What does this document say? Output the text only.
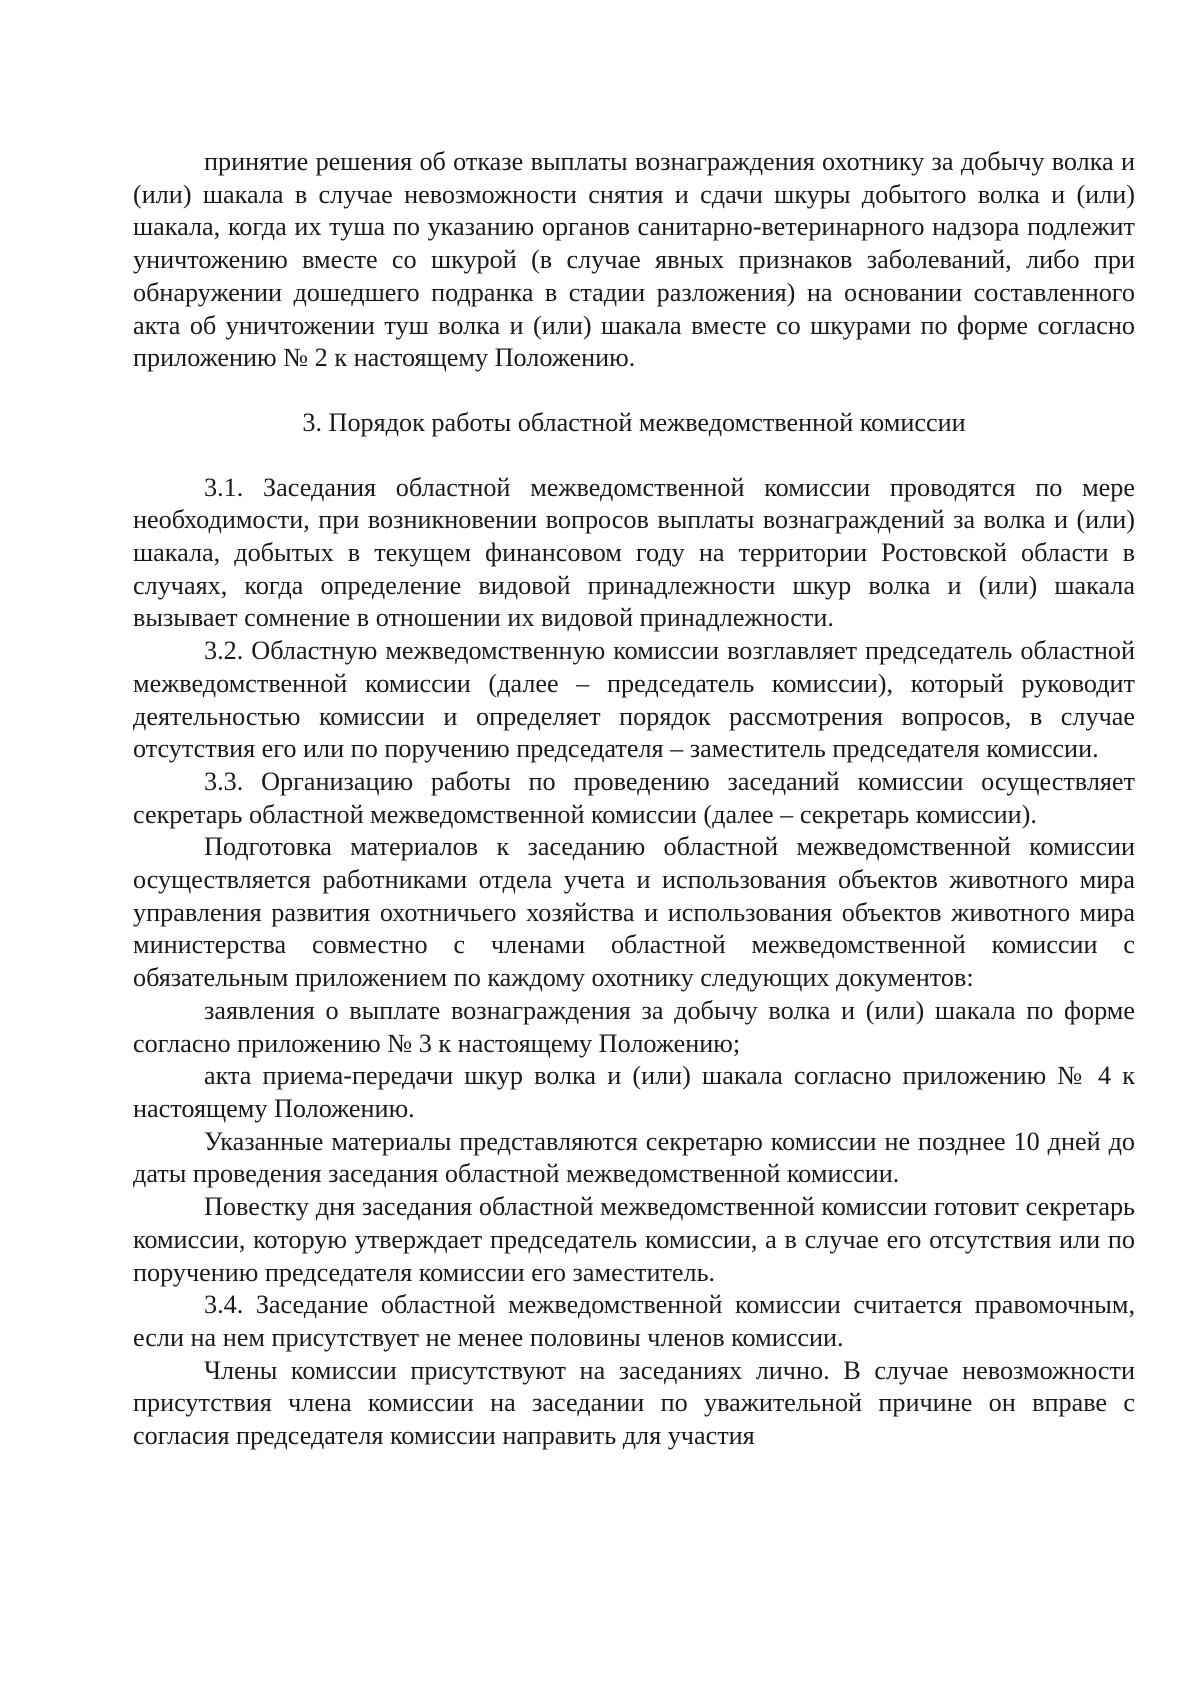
принятие решения об отказе выплаты вознаграждения охотнику за добычу волка и (или) шакала в случае невозможности снятия и сдачи шкуры добытого волка и (или) шакала, когда их туша по указанию органов санитарно-ветеринарного надзора подлежит уничтожению вместе со шкурой (в случае явных признаков заболеваний, либо при обнаружении дошедшего подранка в стадии разложения) на основании составленного акта об уничтожении туш волка и (или) шакала вместе со шкурами по форме согласно приложению № 2 к настоящему Положению.

3. Порядок работы областной межведомственной комиссии

3.1. Заседания областной межведомственной комиссии проводятся по мере необходимости, при возникновении вопросов выплаты вознаграждений за волка и (или) шакала, добытых в текущем финансовом году на территории Ростовской области в случаях, когда определение видовой принадлежности шкур волка и (или) шакала вызывает сомнение в отношении их видовой принадлежности.

3.2. Областную межведомственную комиссии возглавляет председатель областной межведомственной комиссии (далее – председатель комиссии), который руководит деятельностью комиссии и определяет порядок рассмотрения вопросов, в случае отсутствия его или по поручению председателя – заместитель председателя комиссии.

3.3. Организацию работы по проведению заседаний комиссии осуществляет секретарь областной межведомственной комиссии (далее – секретарь комиссии).

Подготовка материалов к заседанию областной межведомственной комиссии осуществляется работниками отдела учета и использования объектов животного мира управления развития охотничьего хозяйства и использования объектов животного мира министерства совместно с членами областной межведомственной комиссии с обязательным приложением по каждому охотнику следующих документов:

заявления о выплате вознаграждения за добычу волка и (или) шакала по форме согласно приложению № 3 к настоящему Положению;

акта приема-передачи шкур волка и (или) шакала согласно приложению № 4 к настоящему Положению.

Указанные материалы представляются секретарю комиссии не позднее 10 дней до даты проведения заседания областной межведомственной комиссии.

Повестку дня заседания областной межведомственной комиссии готовит секретарь комиссии, которую утверждает председатель комиссии, а в случае его отсутствия или по поручению председателя комиссии его заместитель.

3.4. Заседание областной межведомственной комиссии считается правомочным, если на нем присутствует не менее половины членов комиссии.

Члены комиссии присутствуют на заседаниях лично. В случае невозможности присутствия члена комиссии на заседании по уважительной причине он вправе с согласия председателя комиссии направить для участия
